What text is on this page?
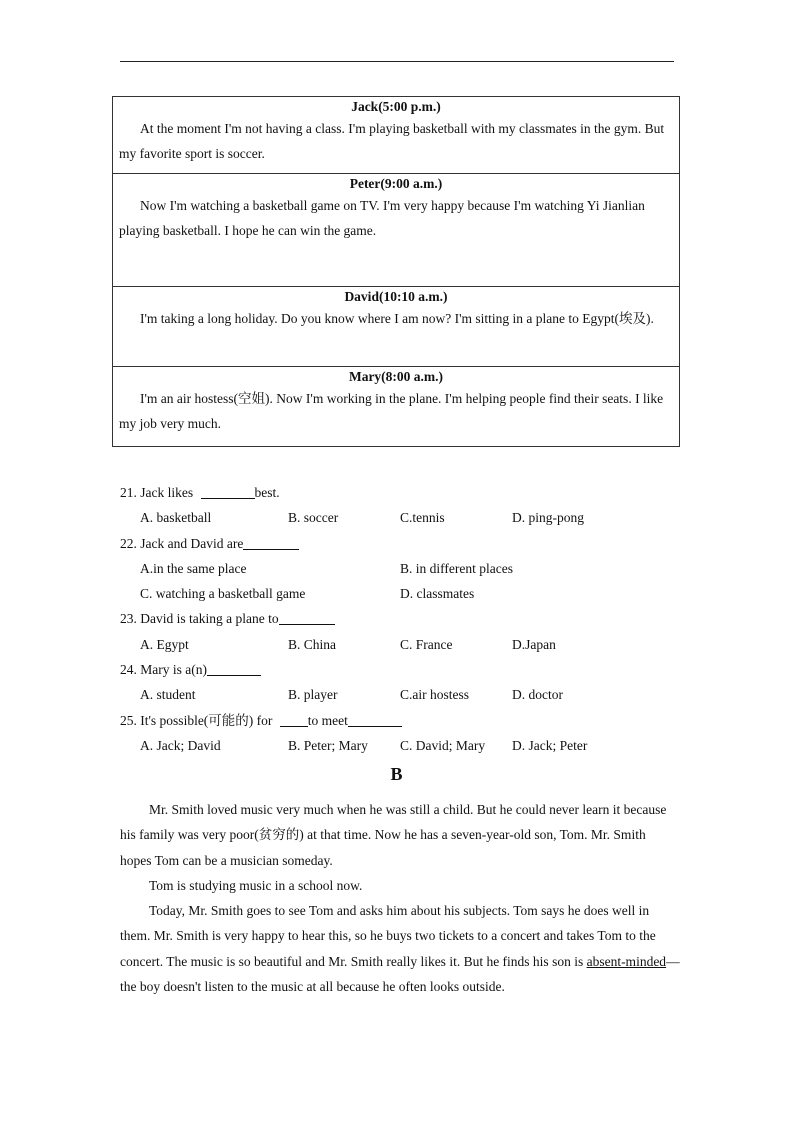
Jack(5:00 p.m.)
At the moment I'm not having a class. I'm playing basketball with my classmates in the gym. But my favorite sport is soccer.
Peter(9:00 a.m.)
Now I'm watching a basketball game on TV. I'm very happy because I'm watching Yi Jianlian playing basketball. I hope he can win the game.
David(10:10 a.m.)
I'm taking a long holiday. Do you know where I am now? I'm sitting in a plane to Egypt(埃及).
Mary(8:00 a.m.)
I'm an air hostess(空姐). Now I'm working in the plane. I'm helping people find their seats. I like my job very much.
21. Jack likes	best.
A. basketball	B. soccer	C.tennis	D. ping-pong
22. Jack and David are
A.in the same place	B. in different places
C. watching a basketball game	D. classmates
23. David is taking a plane to
A. Egypt	B. China	C. France	D.Japan
24. Mary is a(n)
A. student	B. player	C.air hostess	D. doctor
25. It's possible(可能的) for to meet
A. Jack; David	B. Peter; Mary C. David; Mary D. Jack; Peter
B

Mr. Smith loved music very much when he was still a child. But he could never learn it because his family was very poor(贫穷的) at that time. Now he has a seven-year-old son, Tom. Mr. Smith hopes Tom can be a musician someday.

Tom is studying music in a school now.

Today, Mr. Smith goes to see Tom and asks him about his subjects. Tom says he does well in them. Mr. Smith is very happy to hear this, so he buys two tickets to a concert and takes Tom to the concert. The music is so beautiful and Mr. Smith really likes it. But he finds his son is absent-minded—the boy doesn't listen to the music at all because he often looks outside.
